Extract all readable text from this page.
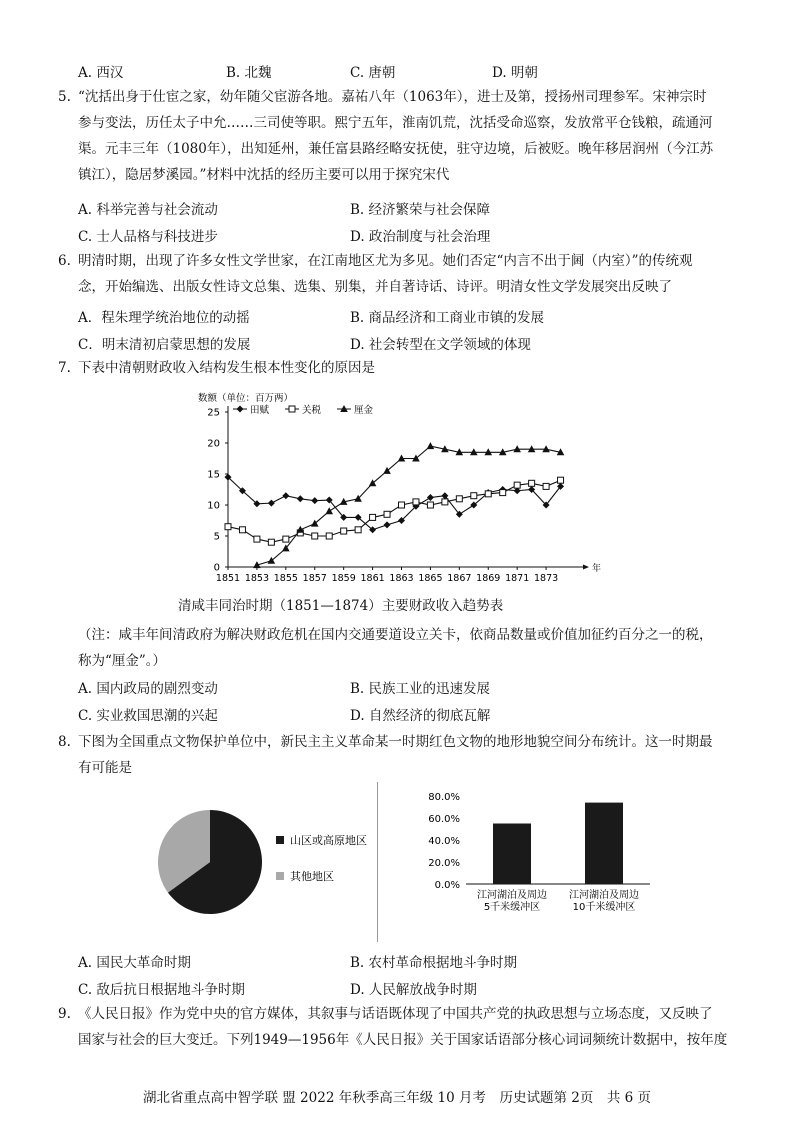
A. 西汉	B. 北魏	C. 唐朝	D. 明朝
5. “沈括出身于仕宦之家，幼年随父宦游各地。嘉祐八年（1063年），进士及第，授扬州司理参军。宋神宗时
参与变法，历任太子中允……三司使等职。熙宁五年，淮南饥荒，沈括受命巡察，发放常平仓钱粮，疏通河
渠。元丰三年（1080年），出知延州，兼任富县路经略安抚使，驻守边境，后被贬。晚年移居润州（今江苏
镇江），隐居梦溪园。”材料中沈括的经历主要可以用于探究宋代
A. 科举完善与社会流动	B. 经济繁荣与社会保障
C. 士人品格与科技进步	D. 政治制度与社会治理
6. 明清时期，出现了许多女性文学世家，在江南地区尤为多见。她们否定“内言不出于阃（内室）”的传统观
念，开始编选、出版女性诗文总集、选集、别集，并自著诗话、诗评。明清女性文学发展突出反映了
A．程朱理学统治地位的动摇	B. 商品经济和工商业市镇的发展
C．明末清初启蒙思想的发展	D. 社会转型在文学领域的体现
7. 下表中清朝财政收入结构发生根本性变化的原因是
数额（单位：百万两）
年
0
5
10
15
20
25
1851 1853 1855 1857 1859 1861 1863 1865 1867 1869 1871 1873
田赋	关税	厘金
清咸丰同治时期（1851—1874）主要财政收入趋势表
（注：咸丰年间清政府为解决财政危机在国内交通要道设立关卡，依商品数量或价值加征约百分之一的税，
称为“厘金”。）
A. 国内政局的剧烈变动	B. 民族工业的迅速发展
C. 实业救国思潮的兴起	D. 自然经济的彻底瓦解
8. 下图为全国重点文物保护单位中，新民主主义革命某一时期红色文物的地形地貌空间分布统计。这一时期最
有可能是
山区或高原地区
其他地区
0.0%
20.0%
40.0%
60.0%
80.0%
江河湖泊及周边
5千米缓冲区
江河湖泊及周边
10千米缓冲区
A. 国民大革命时期	B. 农村革命根据地斗争时期
C. 敌后抗日根据地斗争时期	D. 人民解放战争时期
9. 《人民日报》作为党中央的官方媒体，其叙事与话语既体现了中国共产党的执政思想与立场态度，又反映了
国家与社会的巨大变迁。下列1949—1956年《人民日报》关于国家话语部分核心词词频统计数据中，按年度
湖北省重点高中智学联 盟 2022 年秋季高三年级 10 月考　历史试题第 2页　共 6 页
